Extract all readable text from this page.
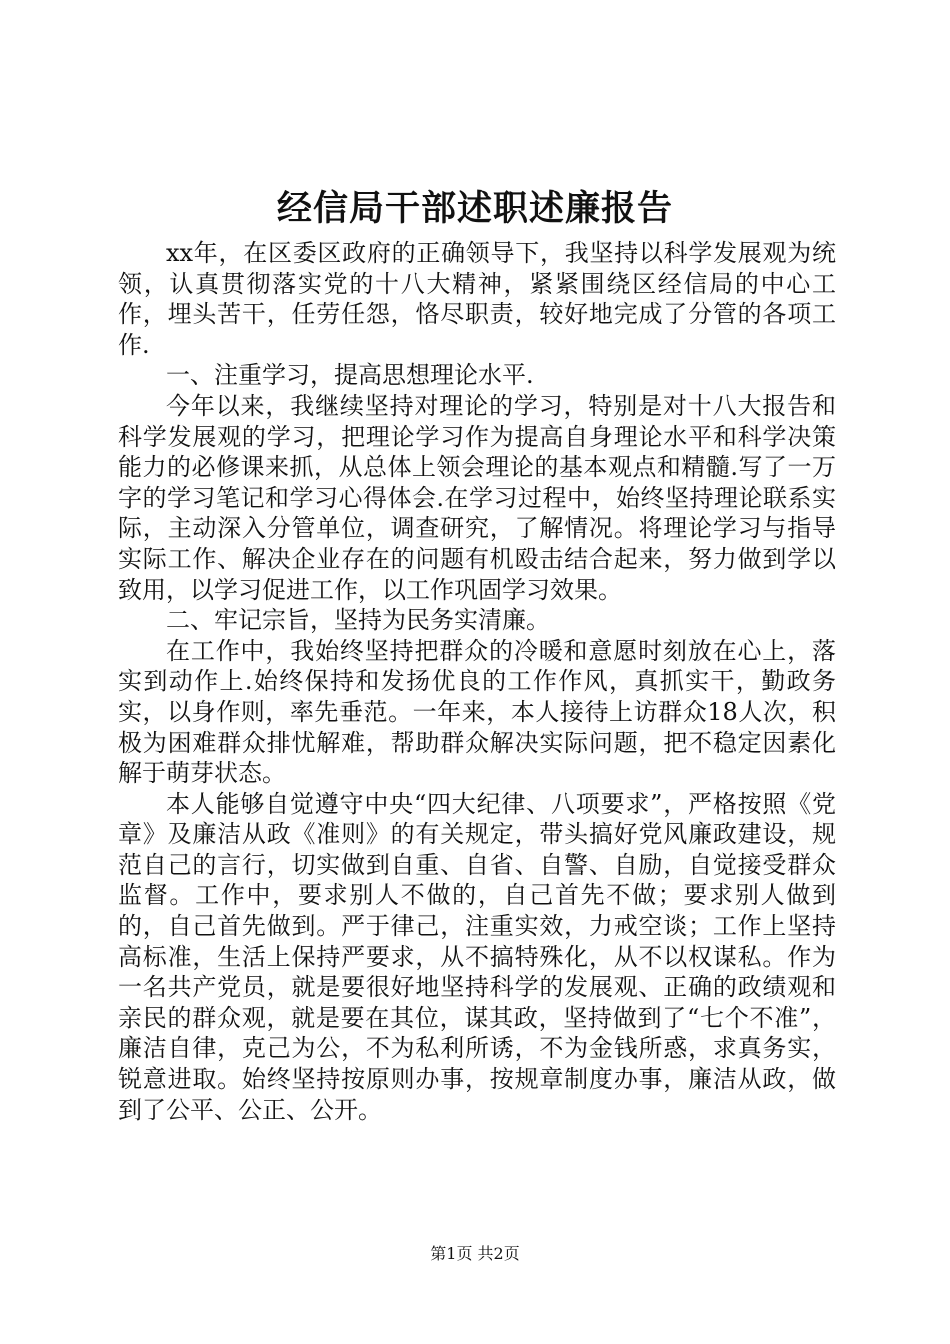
经信局干部述职述廉报告

xx年，在区委区政府的正确领导下，我坚持以科学发展观为统领，认真贯彻落实党的十八大精神，紧紧围绕区经信局的中心工作，埋头苦干，任劳任怨，恪尽职责，较好地完成了分管的各项工作.

一、注重学习，提高思想理论水平.

今年以来，我继续坚持对理论的学习，特别是对十八大报告和科学发展观的学习，把理论学习作为提高自身理论水平和科学决策能力的必修课来抓，从总体上领会理论的基本观点和精髓.写了一万字的学习笔记和学习心得体会.在学习过程中，始终坚持理论联系实际，主动深入分管单位，调查研究，了解情况。将理论学习与指导实际工作、解决企业存在的问题有机殴击结合起来，努力做到学以致用，以学习促进工作，以工作巩固学习效果。

二、牢记宗旨，坚持为民务实清廉。

在工作中，我始终坚持把群众的冷暖和意愿时刻放在心上，落实到动作上.始终保持和发扬优良的工作作风，真抓实干，勤政务实，以身作则，率先垂范。一年来，本人接待上访群众18人次，积极为困难群众排忧解难，帮助群众解决实际问题，把不稳定因素化解于萌芽状态。

本人能够自觉遵守中央“四大纪律、八项要求”，严格按照《党章》及廉洁从政《准则》的有关规定，带头搞好党风廉政建设，规范自己的言行，切实做到自重、自省、自警、自励，自觉接受群众监督。工作中，要求别人不做的，自己首先不做；要求别人做到的，自己首先做到。严于律己，注重实效，力戒空谈；工作上坚持高标准，生活上保持严要求，从不搞特殊化，从不以权谋私。作为一名共产党员，就是要很好地坚持科学的发展观、正确的政绩观和亲民的群众观，就是要在其位，谋其政，坚持做到了“七个不准”，廉洁自律，克己为公，不为私利所诱，不为金钱所惑，求真务实，锐意进取。始终坚持按原则办事，按规章制度办事，廉洁从政，做到了公平、公正、公开。

第1页 共2页
